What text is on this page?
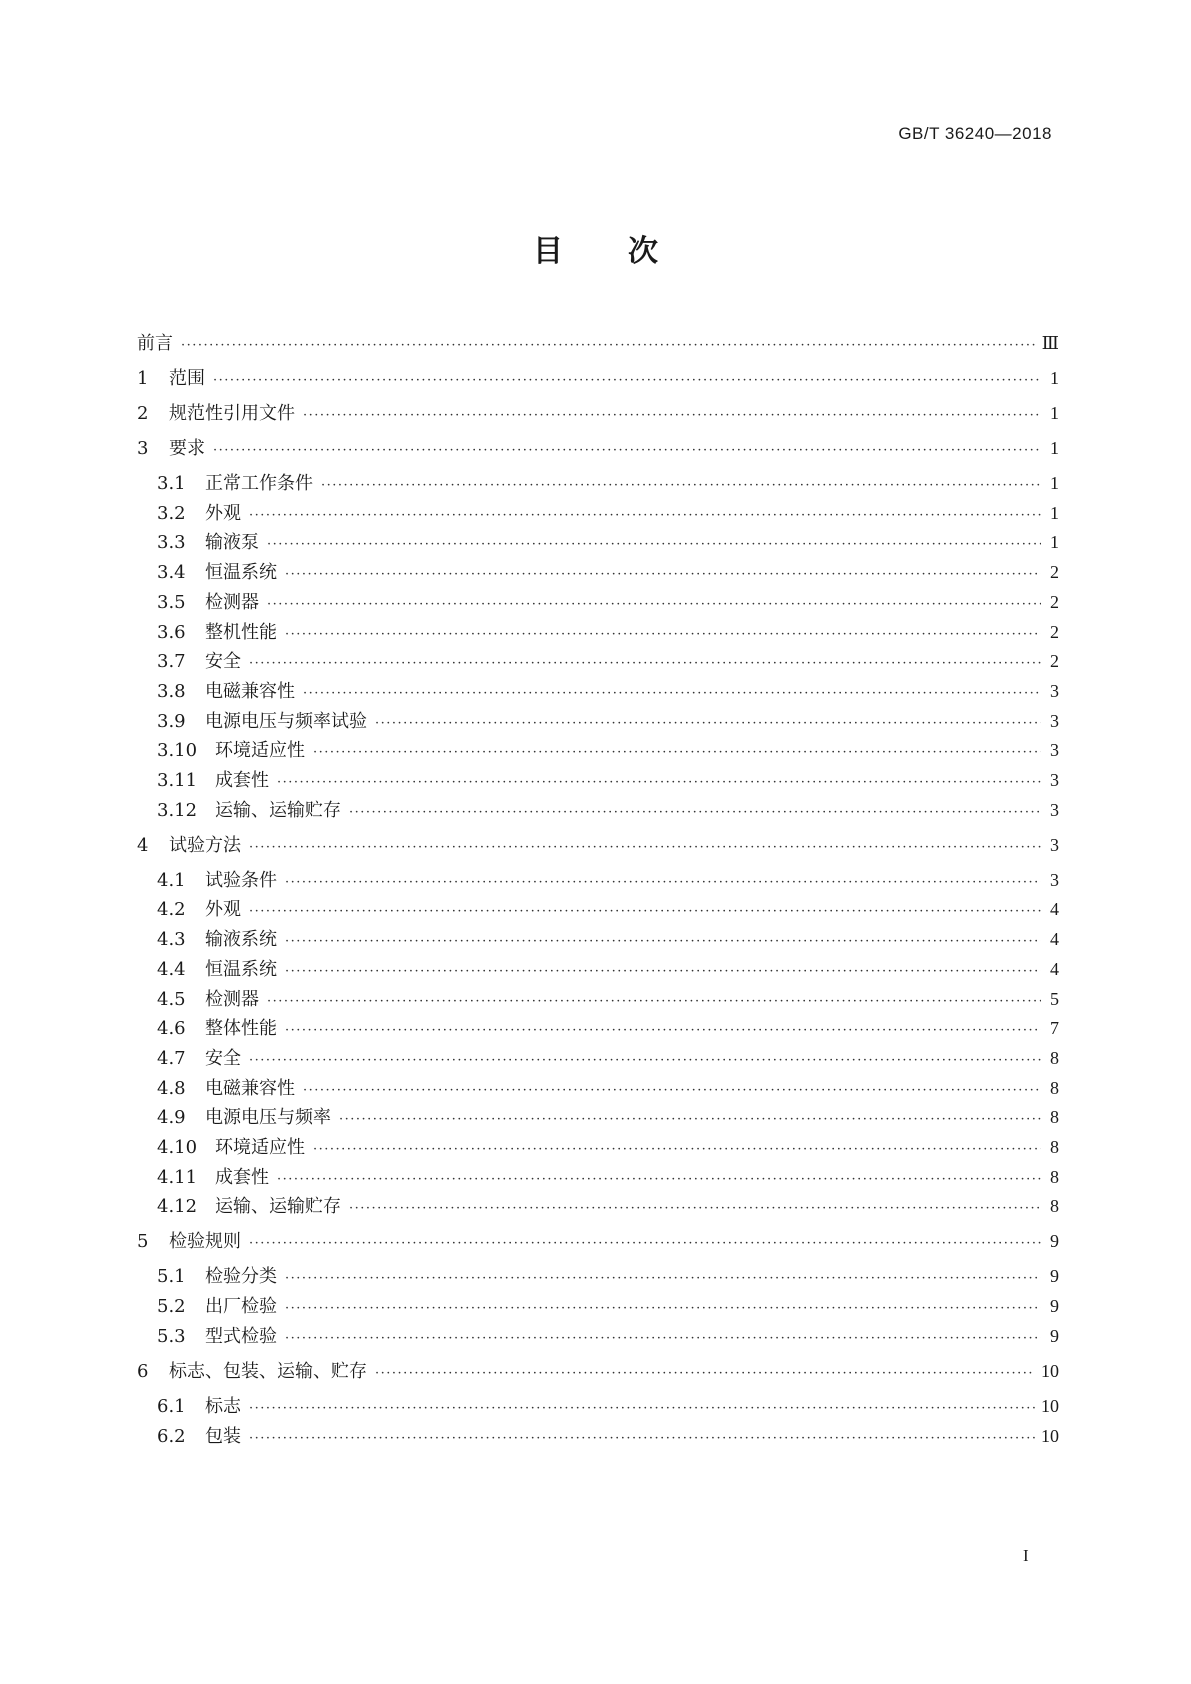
GB/T 36240—2018
目 次
前言 ·····	Ⅲ
1	范围 ·····	1
2	规范性引用文件 ·····	1
3	要求 ·····	1
3.1	正常工作条件 ·····	1
3.2	外观 ·····	1
3.3	输液泵 ·····	1
3.4	恒温系统 ·····	2
3.5	检测器 ·····	2
3.6	整机性能 ·····	2
3.7	安全 ·····	2
3.8	电磁兼容性 ·····	3
3.9	电源电压与频率试验 ·····	3
3.10 环境适应性 ·····	3
3.11 成套性 ·····	3
3.12 运输、运输贮存 ·····	3
4	试验方法 ·····	3
4.1	试验条件 ·····	3
4.2	外观 ·····	4
4.3	输液系统 ·····	4
4.4	恒温系统 ·····	4
4.5	检测器 ·····	5
4.6	整体性能 ·····	7
4.7	安全 ·····	8
4.8	电磁兼容性 ·····	8
4.9	电源电压与频率 ·····	8
4.10 环境适应性 ·····	8
4.11 成套性 ·····	8
4.12 运输、运输贮存 ·····	8
5	检验规则 ·····	9
5.1	检验分类 ·····	9
5.2	出厂检验 ·····	9
5.3	型式检验 ·····	9
6	标志、包装、运输、贮存 ·····	10
6.1	标志 ·····	10
6.2	包装 ·····	10
I
